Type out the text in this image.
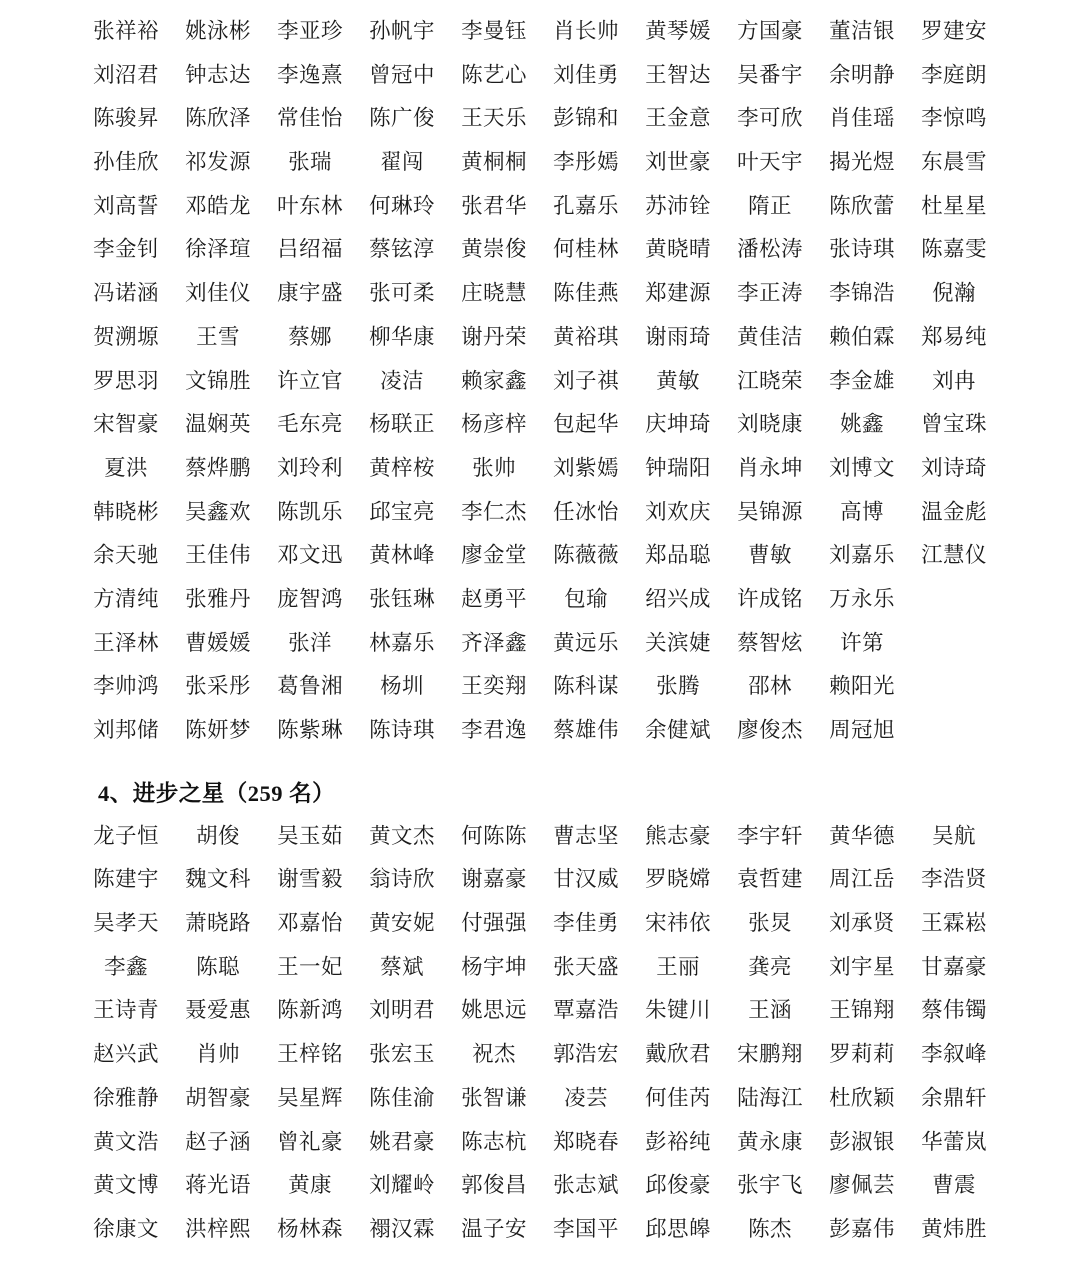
张祥裕	姚泳彬	李亚珍	孙帆宇	李曼钰	肖长帅	黄琴媛	方国豪	董洁银	罗建安
刘沼君	钟志达	李逸熹	曾冠中	陈艺心	刘佳勇	王智达	吴番宇	余明静	李庭朗
陈骏昇	陈欣泽	常佳怡	陈广俊	王天乐	彭锦和	王金意	李可欣	肖佳瑶	李惊鸣
孙佳欣	祁发源	张瑞	翟闯	黄桐桐	李彤嫣	刘世豪	叶天宇	揭光煜	东晨雪
刘高誓	邓皓龙	叶东林	何琳玲	张君华	孔嘉乐	苏沛铨	隋正	陈欣蕾	杜星星
李金钊	徐泽瑄	吕绍福	蔡铉淳	黄崇俊	何桂林	黄晓晴	潘松涛	张诗琪	陈嘉雯
冯诺涵	刘佳仪	康宇盛	张可柔	庄晓慧	陈佳燕	郑建源	李正涛	李锦浩	倪瀚
贺溯塬	王雪	蔡娜	柳华康	谢丹荣	黄裕琪	谢雨琦	黄佳洁	赖伯霖	郑易纯
罗思羽	文锦胜	许立官	凌洁	赖家鑫	刘子祺	黄敏	江晓荣	李金雄	刘冉
宋智豪	温娴英	毛东亮	杨联正	杨彦梓	包起华	庆坤琦	刘晓康	姚鑫	曾宝珠
夏洪	蔡烨鹏	刘玲利	黄梓桉	张帅	刘紫嫣	钟瑞阳	肖永坤	刘博文	刘诗琦
韩晓彬	吴鑫欢	陈凯乐	邱宝亮	李仁杰	任冰怡	刘欢庆	吴锦源	高博	温金彪
余天驰	王佳伟	邓文迅	黄林峰	廖金堂	陈薇薇	郑品聪	曹敏	刘嘉乐	江慧仪
方清纯	张雅丹	庞智鸿	张钰琳	赵勇平	包瑜	绍兴成	许成铭	万永乐
王泽林	曹媛媛	张洋	林嘉乐	齐泽鑫	黄远乐	关滨婕	蔡智炫	许第
李帅鸿	张采彤	葛鲁湘	杨圳	王奕翔	陈科谋	张腾	邵林	赖阳光
刘邦储	陈妍梦	陈紫琳	陈诗琪	李君逸	蔡雄伟	余健斌	廖俊杰	周冠旭
4、进步之星（259 名）
龙子恒	胡俊	吴玉茹	黄文杰	何陈陈	曹志坚	熊志豪	李宇轩	黄华德	吴航
陈建宇	魏文科	谢雪毅	翁诗欣	谢嘉豪	甘汉威	罗晓嫦	袁哲建	周江岳	李浩贤
吴孝天	萧晓路	邓嘉怡	黄安妮	付强强	李佳勇	宋祎依	张炅	刘承贤	王霖崧
李鑫	陈聪	王一妃	蔡斌	杨宇坤	张天盛	王丽	龚亮	刘宇星	甘嘉豪
王诗青	聂爱惠	陈新鸿	刘明君	姚思远	覃嘉浩	朱键川	王涵	王锦翔	蔡伟镯
赵兴武	肖帅	王梓铭	张宏玉	祝杰	郭浩宏	戴欣君	宋鹏翔	罗莉莉	李叙峰
徐雅静	胡智豪	吴星辉	陈佳渝	张智谦	凌芸	何佳芮	陆海江	杜欣颖	余鼎轩
黄文浩	赵子涵	曾礼豪	姚君豪	陈志杭	郑晓春	彭裕纯	黄永康	彭淑银	华蕾岚
黄文博	蒋光语	黄康	刘耀岭	郭俊昌	张志斌	邱俊豪	张宇飞	廖佩芸	曹震
徐康文	洪梓熙	杨林森	禤汉霖	温子安	李国平	邱思皞	陈杰	彭嘉伟	黄炜胜
